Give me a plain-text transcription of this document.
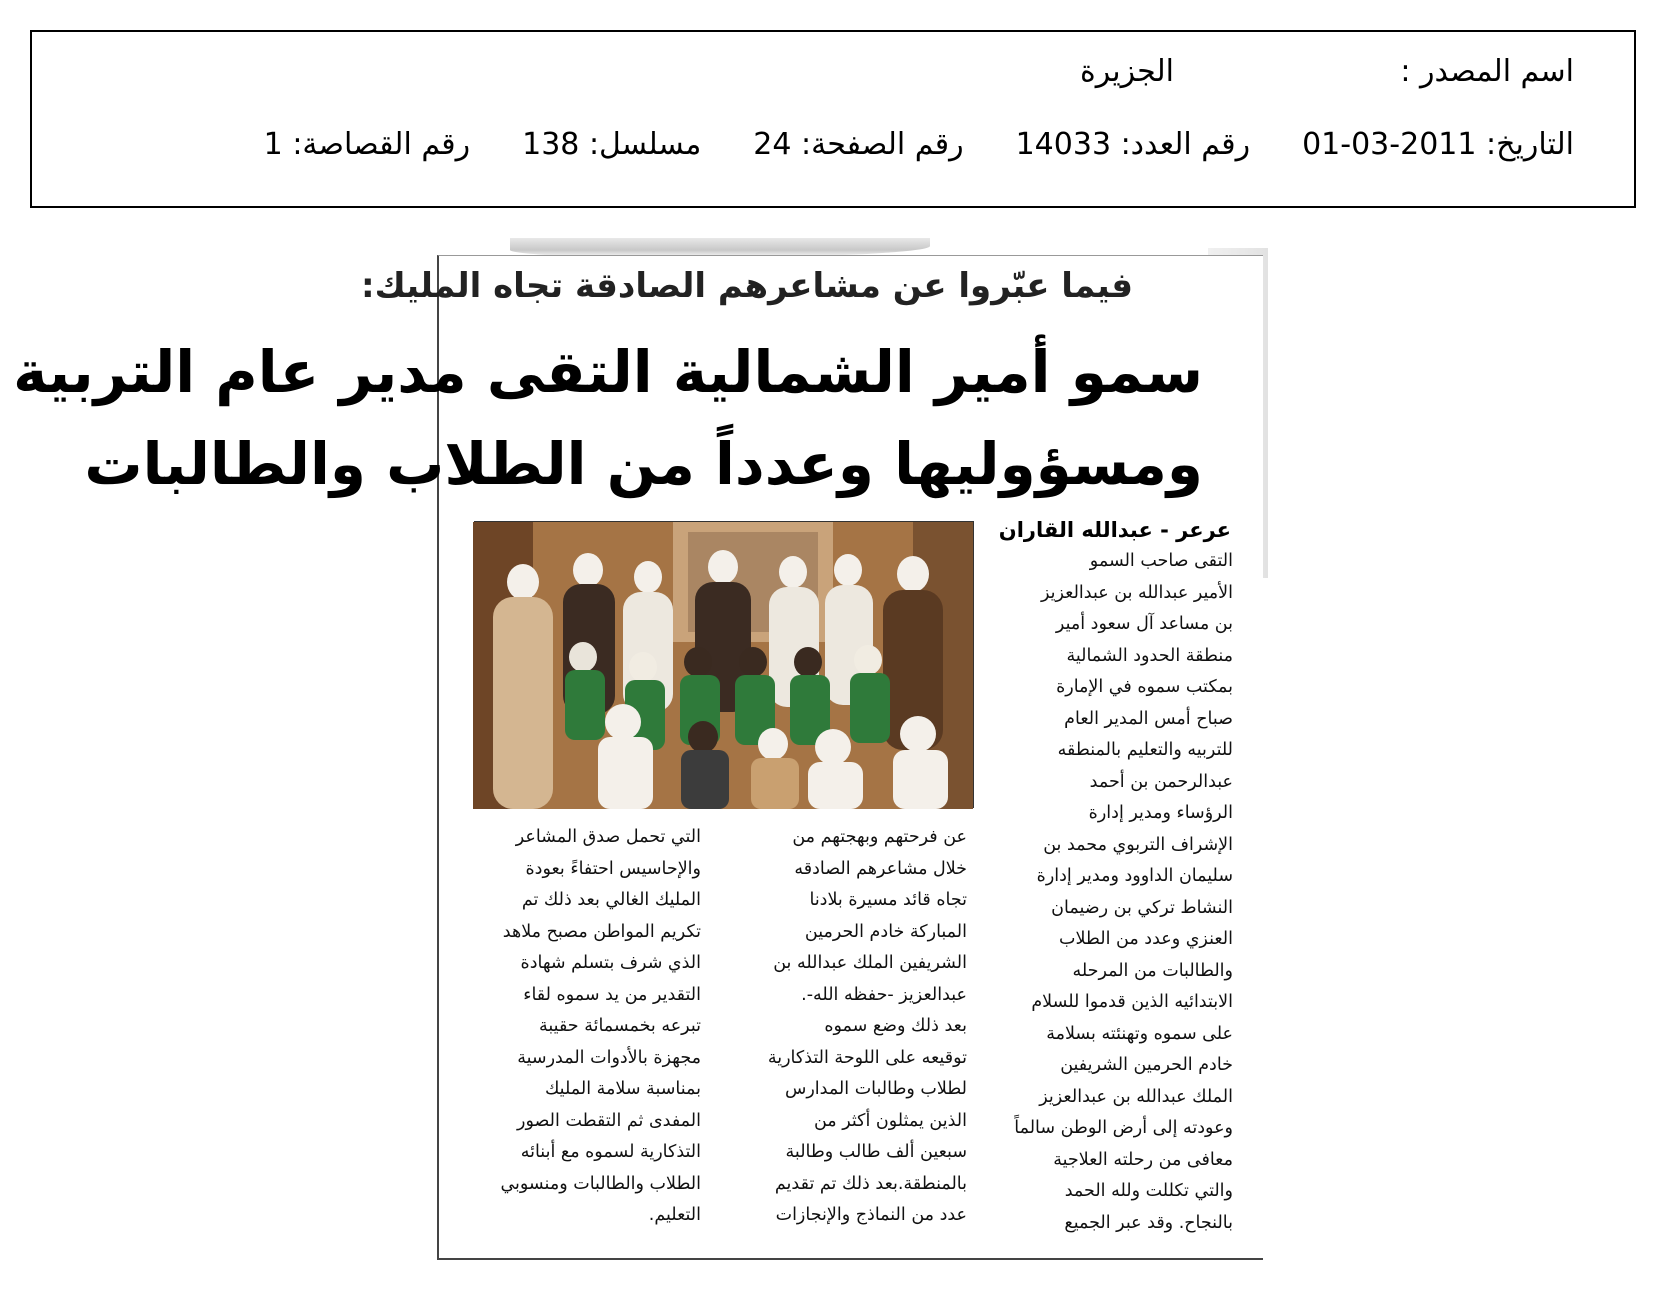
اسم المصدر :
الجزيرة
التاريخ: 2011-03-01
رقم العدد: 14033
رقم الصفحة: 24
مسلسل: 138
رقم القصاصة: 1
فيما عبّروا عن مشاعرهم الصادقة تجاه المليك:
سمو أمير الشمالية التقى مدير عام التربية
ومسؤوليها وعدداً من الطلاب والطالبات
عرعر - عبدالله القاران
التقى صاحب السمو
الأمير عبدالله بن عبدالعزيز
بن مساعد آل سعود أمير
منطقة الحدود الشمالية
بمكتب سموه في الإمارة
صباح أمس المدير العام
للتربيه والتعليم بالمنطقه
عبدالرحمن بن أحمد
الرؤساء ومدير إدارة
الإشراف التربوي محمد بن
سليمان الداوود ومدير إدارة
النشاط تركي بن رضيمان
العنزي وعدد من الطلاب
والطالبات من المرحله
الابتدائيه الذين قدموا للسلام
على سموه وتهنئته بسلامة
خادم الحرمين الشريفين
الملك عبدالله بن عبدالعزيز
وعودته إلى أرض الوطن سالماً
معافى من رحلته العلاجية
والتي تكللت ولله الحمد
بالنجاح. وقد عبر الجميع
عن فرحتهم وبهجتهم من
خلال مشاعرهم الصادقه
تجاه قائد مسيرة بلادنا
المباركة خادم الحرمين
الشريفين الملك عبدالله بن
عبدالعزيز -حفظه الله-.
بعد ذلك وضع سموه
توقيعه على اللوحة التذكارية
لطلاب وطالبات المدارس
الذين يمثلون أكثر من
سبعين ألف طالب وطالبة
بالمنطقة.بعد ذلك تم تقديم
عدد من النماذج والإنجازات
التي تحمل صدق المشاعر
والإحاسيس احتفاءً بعودة
المليك الغالي بعد ذلك تم
تكريم المواطن مصبح ملاهد
الذي شرف بتسلم شهادة
التقدير من يد سموه لقاء
تبرعه بخمسمائة حقيبة
مجهزة بالأدوات المدرسية
بمناسبة سلامة المليك
المفدى ثم التقطت الصور
التذكارية لسموه مع أبنائه
الطلاب والطالبات ومنسوبي
التعليم.
